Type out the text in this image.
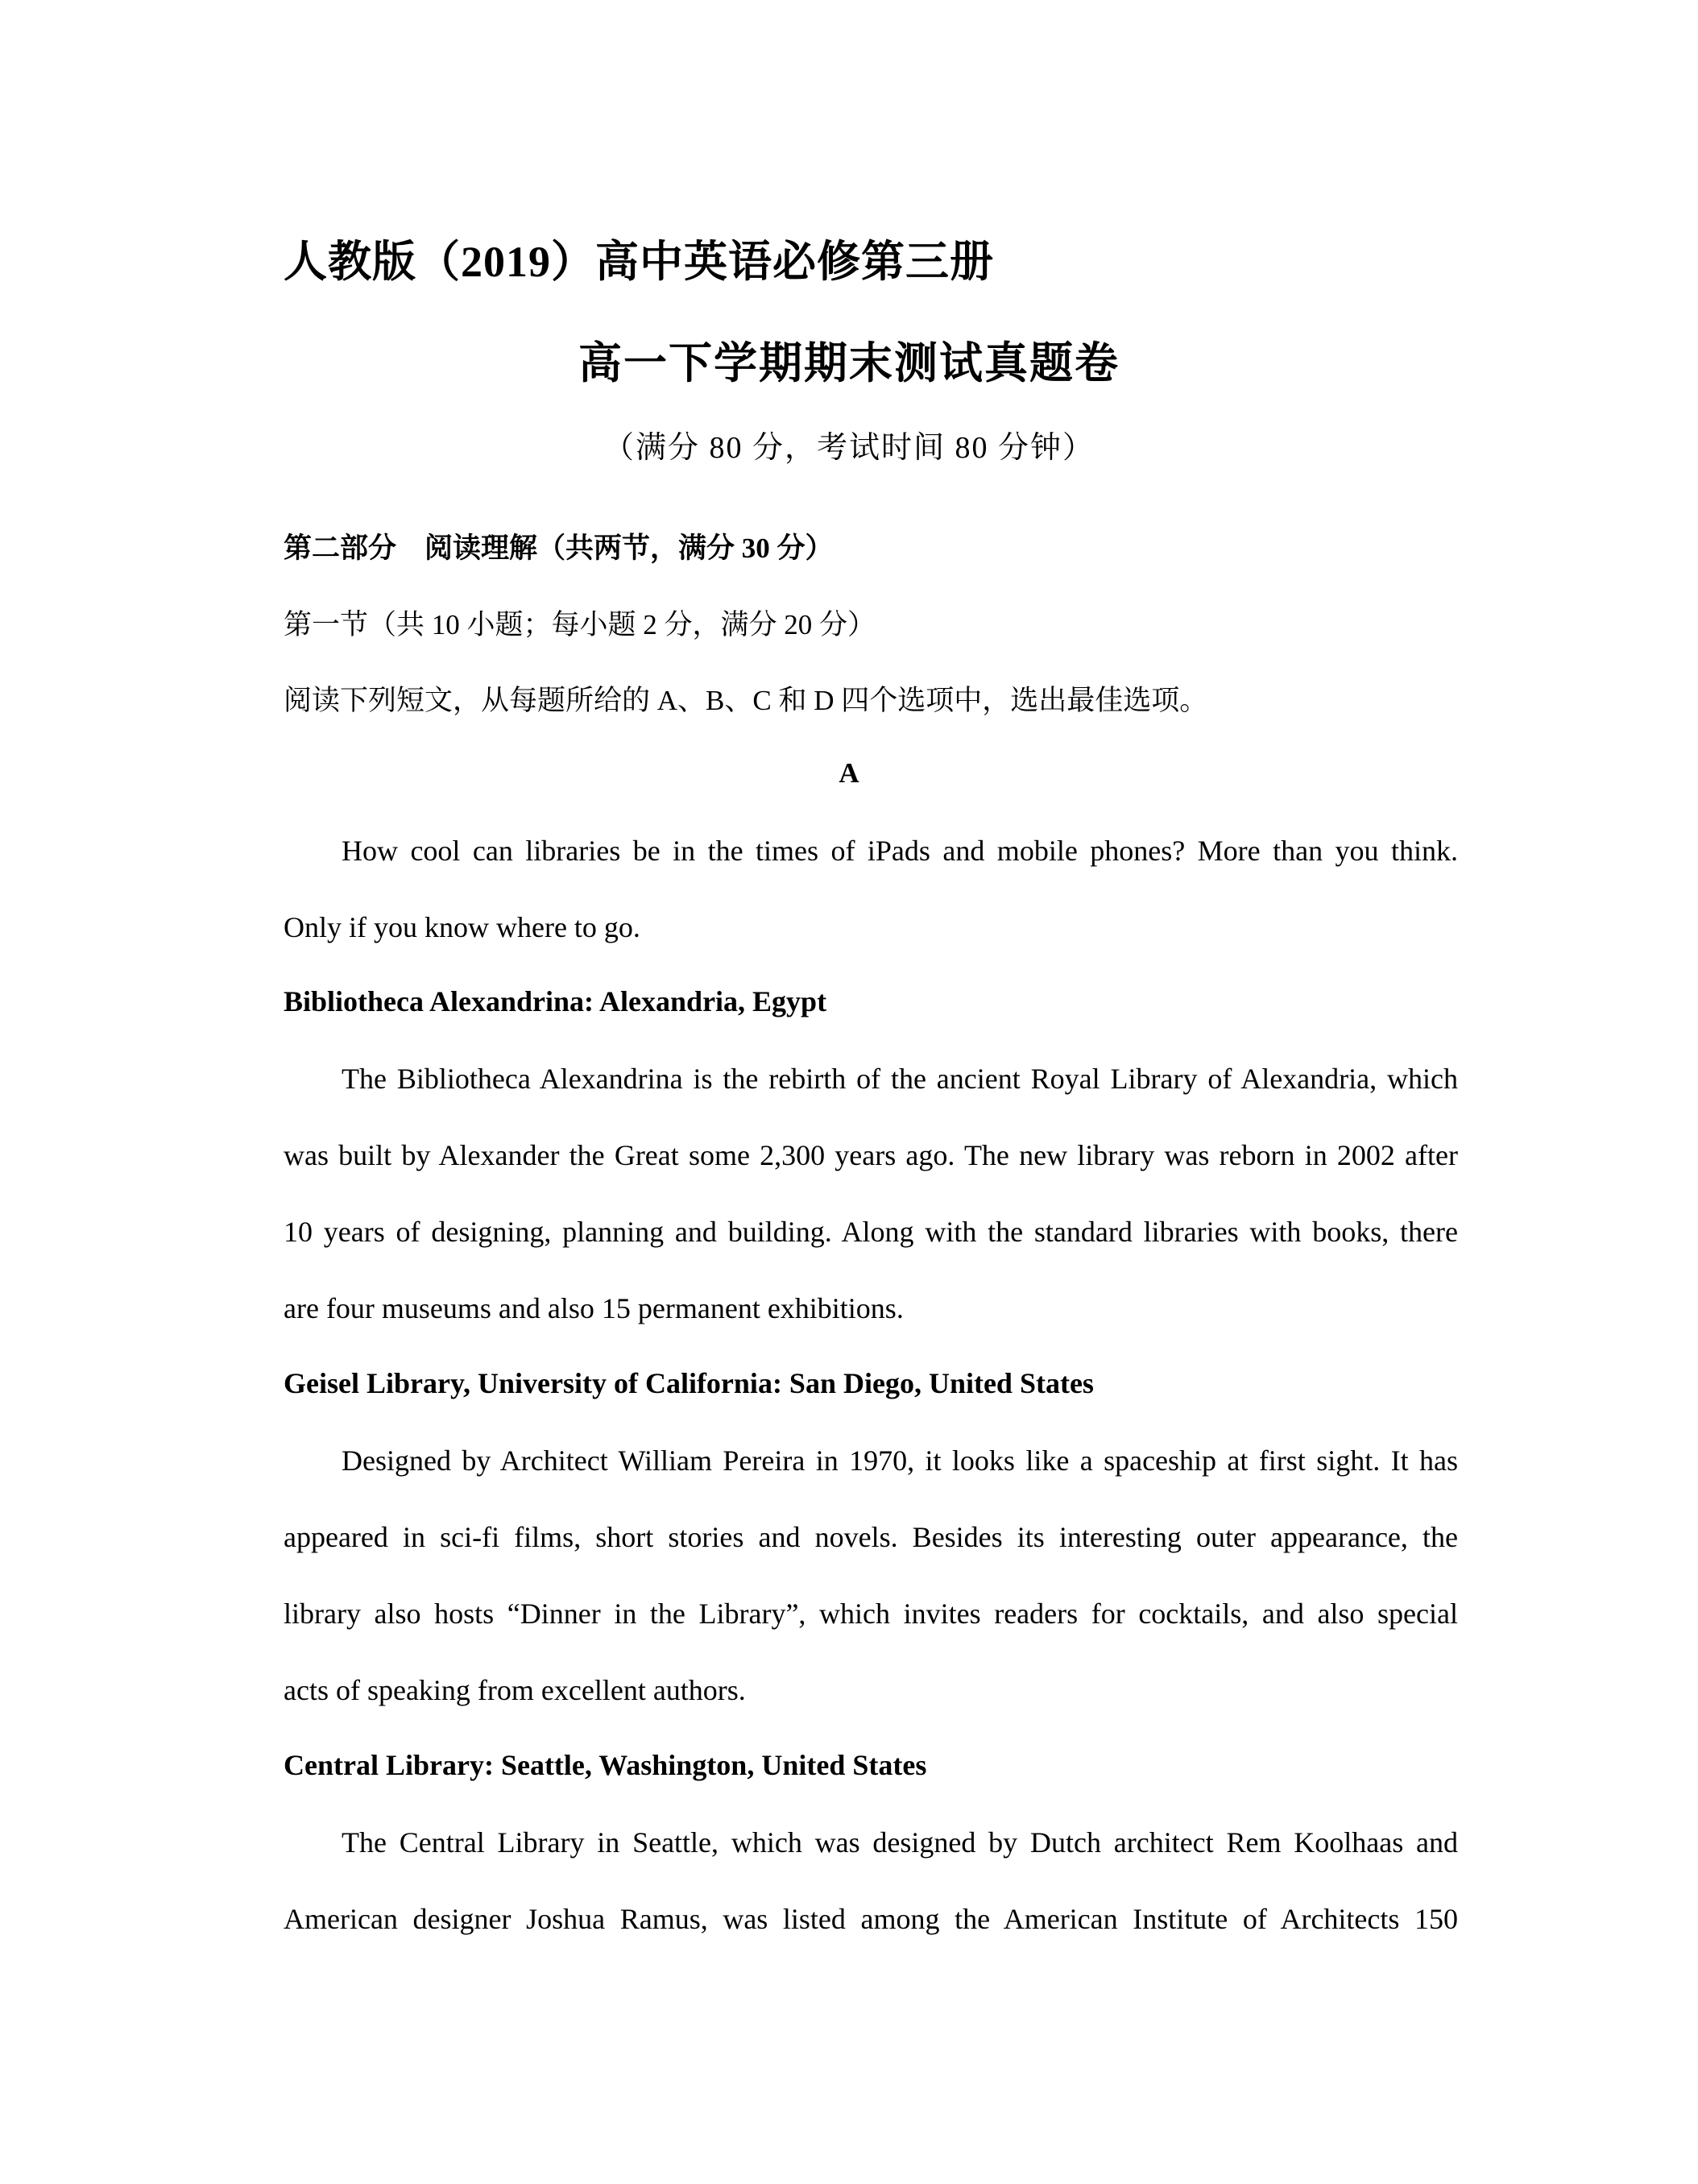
人教版（2019）高中英语必修第三册
高一下学期期末测试真题卷
（满分 80 分，考试时间 80 分钟）
第二部分　阅读理解（共两节，满分 30 分）
第一节（共 10 小题；每小题 2 分，满分 20 分）
阅读下列短文，从每题所给的 A、B、C 和 D 四个选项中，选出最佳选项。
A
How cool can libraries be in the times of iPads and mobile phones? More than you think.
Only if you know where to go.
Bibliotheca Alexandrina: Alexandria, Egypt
The Bibliotheca Alexandrina is the rebirth of the ancient Royal Library of Alexandria, which
was built by Alexander the Great some 2,300 years ago. The new library was reborn in 2002 after
10 years of designing, planning and building. Along with the standard libraries with books, there
are four museums and also 15 permanent exhibitions.
Geisel Library, University of California: San Diego, United States
Designed by Architect William Pereira in 1970, it looks like a spaceship at first sight. It has
appeared in sci-fi films, short stories and novels. Besides its interesting outer appearance, the
library also hosts “Dinner in the Library”, which invites readers for cocktails, and also special
acts of speaking from excellent authors.
Central Library: Seattle, Washington, United States
The Central Library in Seattle, which was designed by Dutch architect Rem Koolhaas and
American designer Joshua Ramus, was listed among the American Institute of Architects 150
